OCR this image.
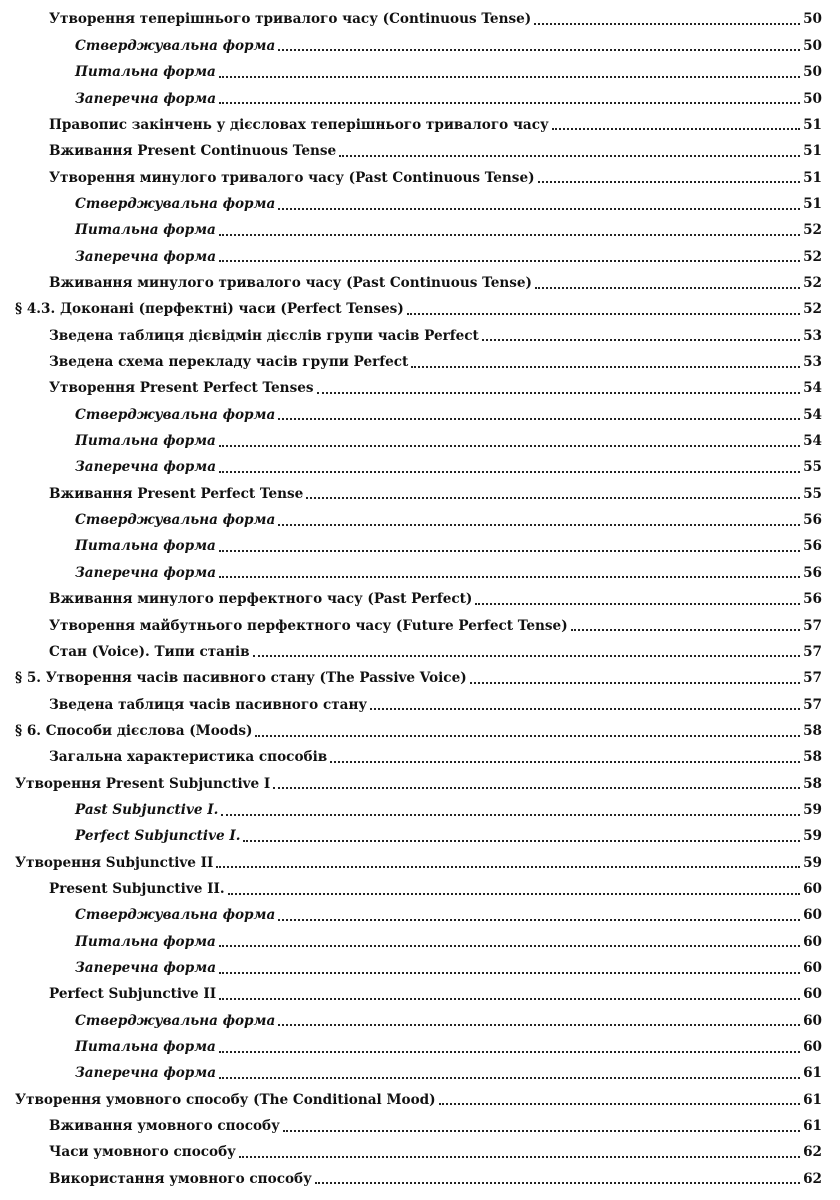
Утворення теперішнього тривалого часу (Continuous Tense)	50
Стверджувальна форма	50
Питальна форма	50
Заперечна форма	50
Правопис закінчень у дієсловах теперішнього тривалого часу	51
Вживання Present Continuous Tense	51
Утворення минулого тривалого часу (Past Continuous Tense)	51
Стверджувальна форма	51
Питальна форма	52
Заперечна форма	52
Вживання минулого тривалого часу (Past Continuous Tense)	52
§ 4.3. Доконані (перфектні) часи (Perfect Tenses)	52
Зведена таблиця дієвідмін дієслів групи часів Perfect	53
Зведена схема перекладу часів групи Perfect	53
Утворення Present Perfect Tenses	54
Стверджувальна форма	54
Питальна форма	54
Заперечна форма	55
Вживання Present Perfect Tense	55
Стверджувальна форма	56
Питальна форма	56
Заперечна форма	56
Вживання минулого перфектного часу (Past Perfect)	56
Утворення майбутнього перфектного часу (Future Perfect Tense)	57
Стан (Voice). Типи станів	57
§ 5. Утворення часів пасивного стану (The Passive Voice)	57
Зведена таблиця часів пасивного стану	57
§ 6. Способи дієслова (Moods)	58
Загальна характеристика способів	58
Утворення Present Subjunctive I	58
Past Subjunctive I.	59
Perfect Subjunctive I.	59
Утворення Subjunctive II	59
Present Subjunctive II.	60
Стверджувальна форма	60
Питальна форма	60
Заперечна форма	60
Perfect Subjunctive II	60
Стверджувальна форма	60
Питальна форма	60
Заперечна форма	61
Утворення умовного способу (The Conditional Mood)	61
Вживання умовного способу	61
Часи умовного способу	62
Використання умовного способу	62
